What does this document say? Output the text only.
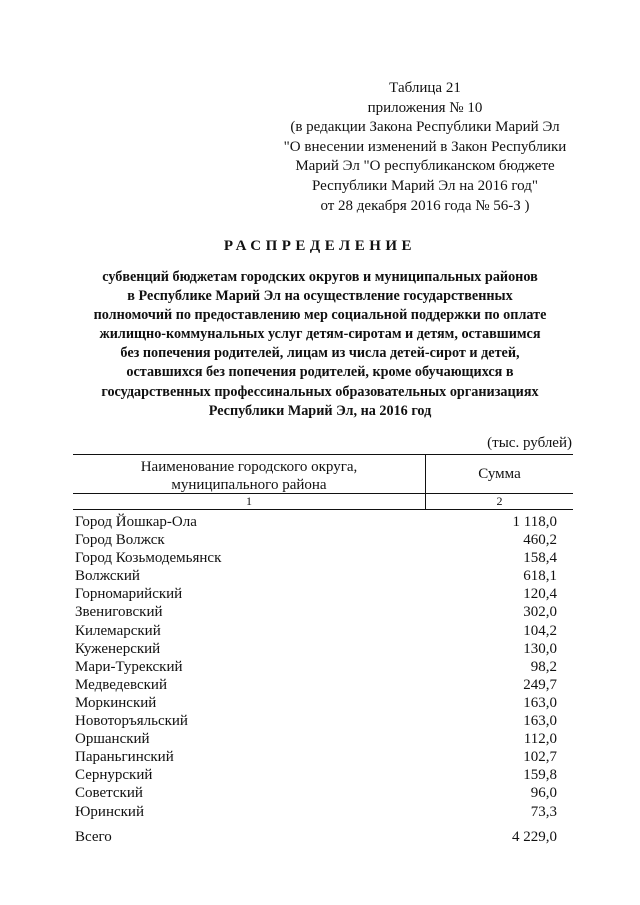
Таблица 21
приложения № 10
(в редакции Закона Республики Марий Эл
"О внесении изменений в Закон Республики
Марий Эл "О республиканском бюджете
Республики Марий Эл на 2016 год"
от 28 декабря 2016 года № 56-З )
РАСПРЕДЕЛЕНИЕ
субвенций бюджетам городских округов и муниципальных районов
в Республике Марий Эл на осуществление государственных
полномочий по предоставлению мер социальной поддержки по оплате
жилищно-коммунальных услуг детям-сиротам и детям, оставшимся
без попечения родителей, лицам из числа детей-сирот и детей,
оставшихся без попечения родителей, кроме обучающихся в
государственных профессинальных образовательных организациях
Республики Марий Эл, на 2016 год
(тыс. рублей)
Наименование городского округа,
муниципального района
Сумма
1	2
Город Йошкар-Ола	1 118,0
Город Волжск	460,2
Город Козьмодемьянск	158,4
Волжский	618,1
Горномарийский	120,4
Звениговский	302,0
Килемарский	104,2
Куженерский	130,0
Мари-Турекский	98,2
Медведевский	249,7
Моркинский	163,0
Новоторъяльский	163,0
Оршанский	112,0
Параньгинский	102,7
Сернурский	159,8
Советский	96,0
Юринский	73,3
Всего	4 229,0
